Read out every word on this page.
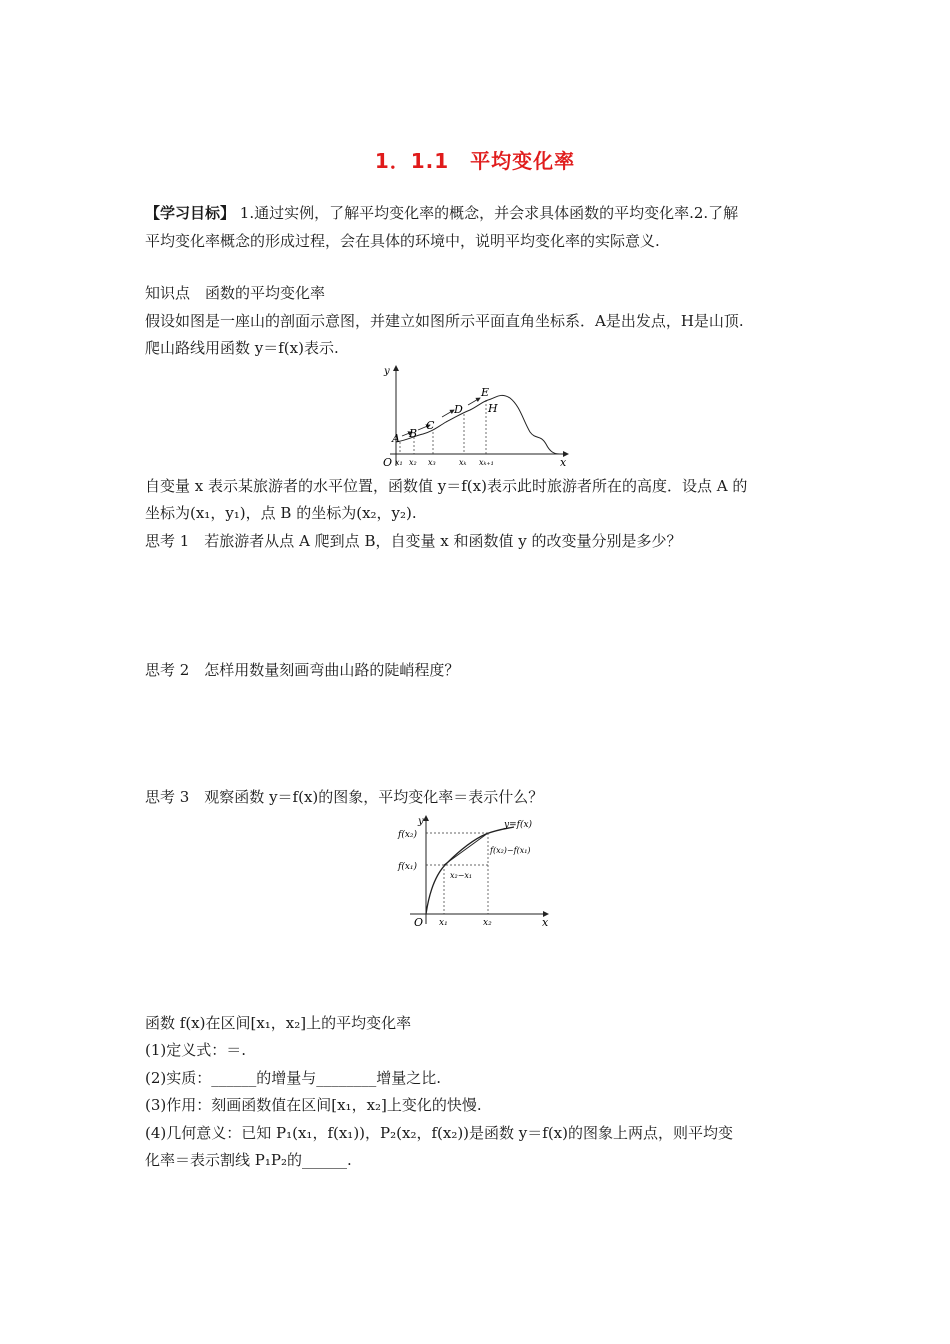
1．1.1　平均变化率
【学习目标】 1.通过实例，了解平均变化率的概念，并会求具体函数的平均变化率.2.了解
平均变化率概念的形成过程，会在具体的环境中，说明平均变化率的实际意义.
知识点　函数的平均变化率
假设如图是一座山的剖面示意图，并建立如图所示平面直角坐标系．A是出发点，H是山顶.
爬山路线用函数 y＝f(x)表示.
y
x
O
A B
C
D
E
H
x₁ x₂ x₃	xₖ xₖ₊₁
自变量 x 表示某旅游者的水平位置，函数值 y＝f(x)表示此时旅游者所在的高度．设点 A 的
坐标为(x₁，y₁)，点 B 的坐标为(x₂，y₂).
思考 1　若旅游者从点 A 爬到点 B，自变量 x 和函数值 y 的改变量分别是多少？
思考 2　怎样用数量刻画弯曲山路的陡峭程度？
思考 3　观察函数 y＝f(x)的图象，平均变化率＝表示什么？
y
x
O
y=f(x)
f(x₂)
f(x₁)
f(x₂)−f(x₁)
x₂−x₁
x₁	x₂
函数 f(x)在区间[x₁，x₂]上的平均变化率
(1)定义式：＝.
(2)实质：______的增量与________增量之比.
(3)作用：刻画函数值在区间[x₁，x₂]上变化的快慢.
(4)几何意义：已知 P₁(x₁，f(x₁))，P₂(x₂，f(x₂))是函数 y＝f(x)的图象上两点，则平均变
化率＝表示割线 P₁P₂的______.
